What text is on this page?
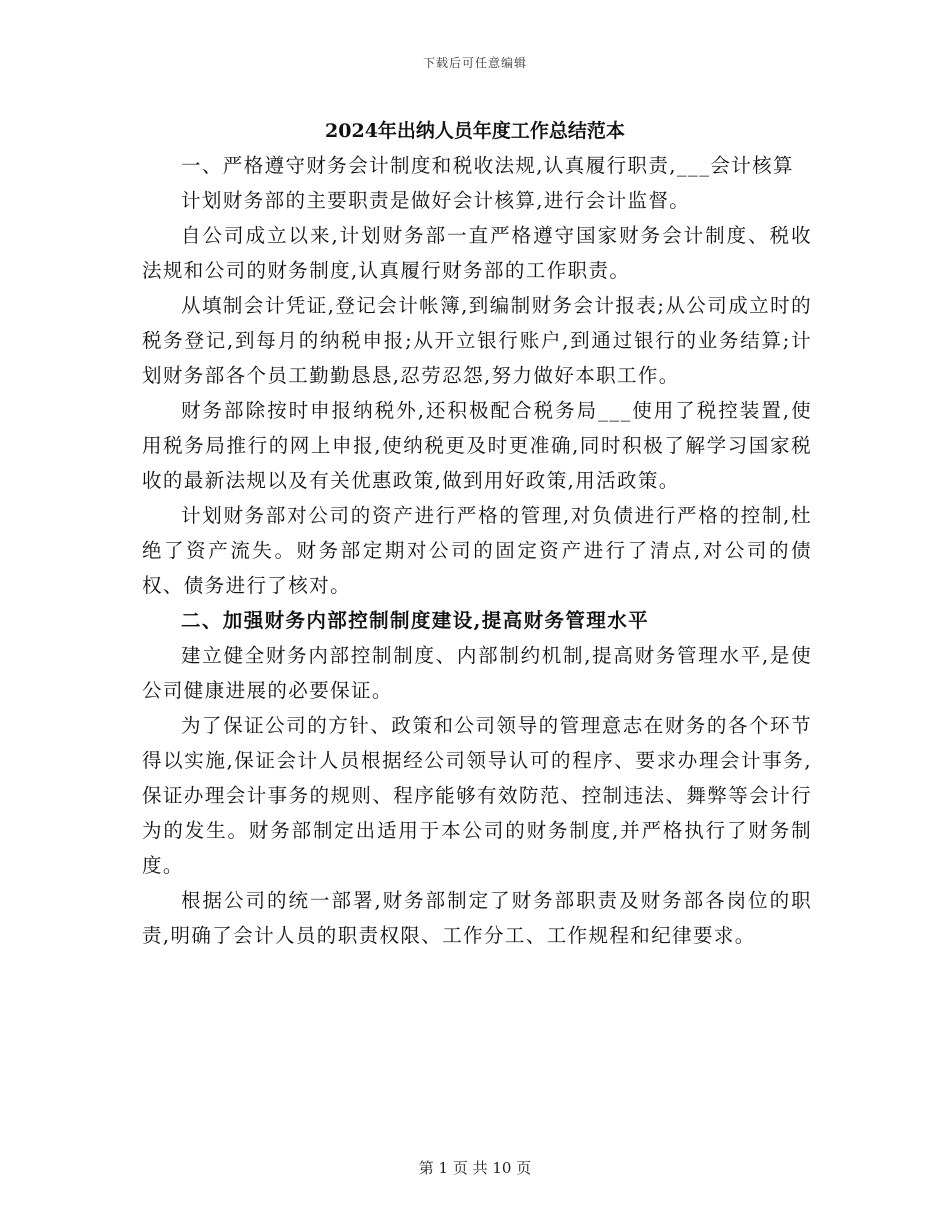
下载后可任意编辑
2024年出纳人员年度工作总结范本

一、严格遵守财务会计制度和税收法规,认真履行职责,___会计核算

计划财务部的主要职责是做好会计核算,进行会计监督。

自公司成立以来,计划财务部一直严格遵守国家财务会计制度、税收法规和公司的财务制度,认真履行财务部的工作职责。

从填制会计凭证,登记会计帐簿,到编制财务会计报表;从公司成立时的税务登记,到每月的纳税申报;从开立银行账户,到通过银行的业务结算;计划财务部各个员工勤勤恳恳,忍劳忍怨,努力做好本职工作。

财务部除按时申报纳税外,还积极配合税务局___使用了税控装置,使用税务局推行的网上申报,使纳税更及时更准确,同时积极了解学习国家税收的最新法规以及有关优惠政策,做到用好政策,用活政策。

计划财务部对公司的资产进行严格的管理,对负债进行严格的控制,杜绝了资产流失。财务部定期对公司的固定资产进行了清点,对公司的债权、债务进行了核对。

二、加强财务内部控制制度建设,提高财务管理水平

建立健全财务内部控制制度、内部制约机制,提高财务管理水平,是使公司健康进展的必要保证。

为了保证公司的方针、政策和公司领导的管理意志在财务的各个环节得以实施,保证会计人员根据经公司领导认可的程序、要求办理会计事务,保证办理会计事务的规则、程序能够有效防范、控制违法、舞弊等会计行为的发生。财务部制定出适用于本公司的财务制度,并严格执行了财务制度。

根据公司的统一部署,财务部制定了财务部职责及财务部各岗位的职责,明确了会计人员的职责权限、工作分工、工作规程和纪律要求。

第 1 页 共 10 页
